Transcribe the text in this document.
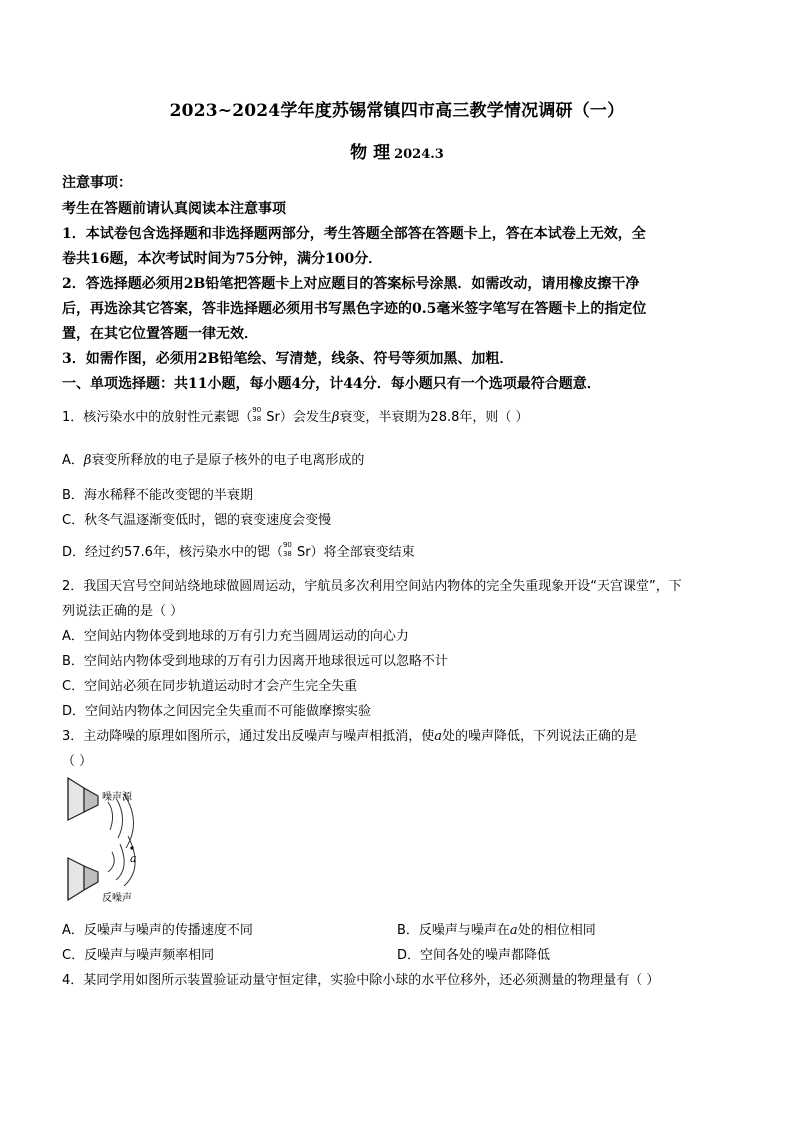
2023~2024学年度苏锡常镇四市高三教学情况调研（一）
物 理 2024.3
注意事项：
考生在答题前请认真阅读本注意事项
1．本试卷包含选择题和非选择题两部分，考生答题全部答在答题卡上，答在本试卷上无效，全
卷共16题，本次考试时间为75分钟，满分100分．
2．答选择题必须用2B铅笔把答题卡上对应题目的答案标号涂黑．如需改动，请用橡皮擦干净
后，再选涂其它答案，答非选择题必须用书写黑色字迹的0.5毫米签字笔写在答题卡上的指定位
置，在其它位置答题一律无效．
3．如需作图，必须用2B铅笔绘、写清楚，线条、符号等须加黑、加粗．
一、单项选择题：共11小题，每小题4分，计44分．每小题只有一个选项最符合题意．
1．核污染水中的放射性元素锶（ 90
38 Sr）会发生β衰变，半衰期为28.8年，则（ ）
A．β衰变所释放的电子是原子核外的电子电离形成的
B．海水稀释不能改变锶的半衰期
C．秋冬气温逐渐变低时，锶的衰变速度会变慢
D．经过约57.6年，核污染水中的锶（ 90
38 Sr）将全部衰变结束
2．我国天宫号空间站绕地球做圆周运动，宇航员多次利用空间站内物体的完全失重现象开设“天宫课堂”，下
列说法正确的是（ ）
A．空间站内物体受到地球的万有引力充当圆周运动的向心力
B．空间站内物体受到地球的万有引力因离开地球很远可以忽略不计
C．空间站必须在同步轨道运动时才会产生完全失重
D．空间站内物体之间因完全失重而不可能做摩擦实验
3．主动降噪的原理如图所示，通过发出反噪声与噪声相抵消，使a处的噪声降低，下列说法正确的是
（ ）
噪声源
反噪声
a
A．反噪声与噪声的传播速度不同	B．反噪声与噪声在a处的相位相同
C．反噪声与噪声频率相同	D．空间各处的噪声都降低
4．某同学用如图所示装置验证动量守恒定律，实验中除小球的水平位移外，还必须测量的物理量有（ ）
